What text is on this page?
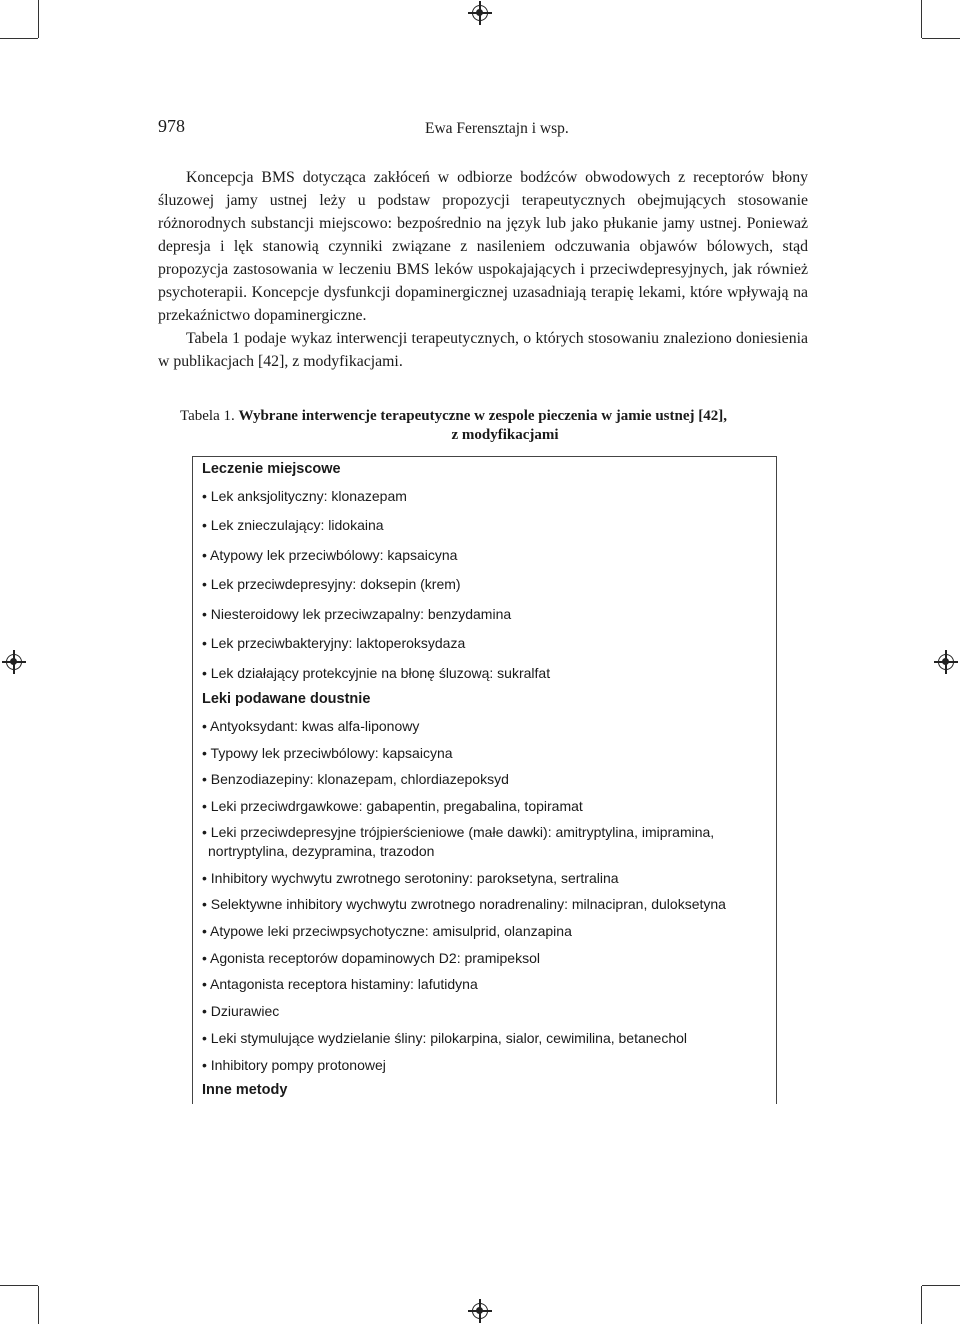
978	Ewa Ferensztajn i wsp.

Koncepcja BMS dotycząca zakłóceń w odbiorze bodźców obwodowych z receptorów błony śluzowej jamy ustnej leży u podstaw propozycji terapeutycznych obejmujących stosowanie różnorodnych substancji miejscowo: bezpośrednio na język lub jako płukanie jamy ustnej. Ponieważ depresja i lęk stanowią czynniki związane z nasileniem odczuwania objawów bólowych, stąd propozycja zastosowania w leczeniu BMS leków uspokajających i przeciwdepresyjnych, jak również psychoterapii. Koncepcje dysfunkcji dopaminergicznej uzasadniają terapię lekami, które wpływają na przekaźnictwo dopaminergiczne.

Tabela 1 podaje wykaz interwencji terapeutycznych, o których stosowaniu znaleziono doniesienia w publikacjach [42], z modyfikacjami.

Tabela 1. Wybrane interwencje terapeutyczne w zespole pieczenia w jamie ustnej [42],
z modyfikacjami
Leczenie miejscowe
• Lek anksjolityczny: klonazepam
• Lek znieczulający: lidokaina
• Atypowy lek przeciwbólowy: kapsaicyna
• Lek przeciwdepresyjny: doksepin (krem)
• Niesteroidowy lek przeciwzapalny: benzydamina
• Lek przeciwbakteryjny: laktoperoksydaza
• Lek działający protekcyjnie na błonę śluzową: sukralfat
Leki podawane doustnie
• Antyoksydant: kwas alfa-liponowy
• Typowy lek przeciwbólowy: kapsaicyna
• Benzodiazepiny: klonazepam, chlordiazepoksyd
• Leki przeciwdrgawkowe: gabapentin, pregabalina, topiramat
• Leki przeciwdepresyjne trójpierścieniowe (małe dawki): amitryptylina, imipramina,
nortryptylina, dezypramina, trazodon
• Inhibitory wychwytu zwrotnego serotoniny: paroksetyna, sertralina
• Selektywne inhibitory wychwytu zwrotnego noradrenaliny: milnacipran, duloksetyna
• Atypowe leki przeciwpsychotyczne: amisulprid, olanzapina
• Agonista receptorów dopaminowych D2: pramipeksol
• Antagonista receptora histaminy: lafutidyna
• Dziurawiec
• Leki stymulujące wydzielanie śliny: pilokarpina, sialor, cewimilina, betanechol
• Inhibitory pompy protonowej
Inne metody
